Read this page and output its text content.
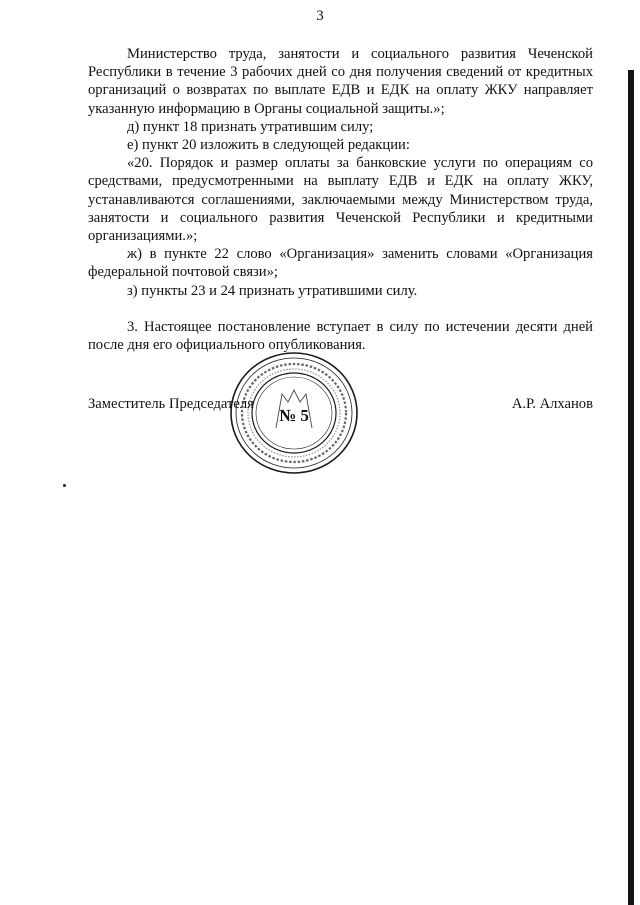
3

Министерство труда, занятости и социального развития Чеченской Республики в течение 3 рабочих дней со дня получения сведений от кредитных организаций о возвратах по выплате ЕДВ и ЕДК на оплату ЖКУ направляет указанную информацию в Органы социальной защиты.»;

д) пункт 18 признать утратившим силу;

е) пункт 20 изложить в следующей редакции:

«20. Порядок и размер оплаты за банковские услуги по операциям со средствами, предусмотренными на выплату ЕДВ и ЕДК на оплату ЖКУ, устанавливаются соглашениями, заключаемыми между Министерством труда, занятости и социального развития Чеченской Республики и кредитными организациями.»;

ж) в пункте 22 слово «Организация» заменить словами «Организация федеральной почтовой связи»;

з) пункты 23 и 24 признать утратившими силу.

3. Настоящее постановление вступает в силу по истечении десяти дней после дня его официального опубликования.

Заместитель Председателя	А.Р. Алханов
№ 5
